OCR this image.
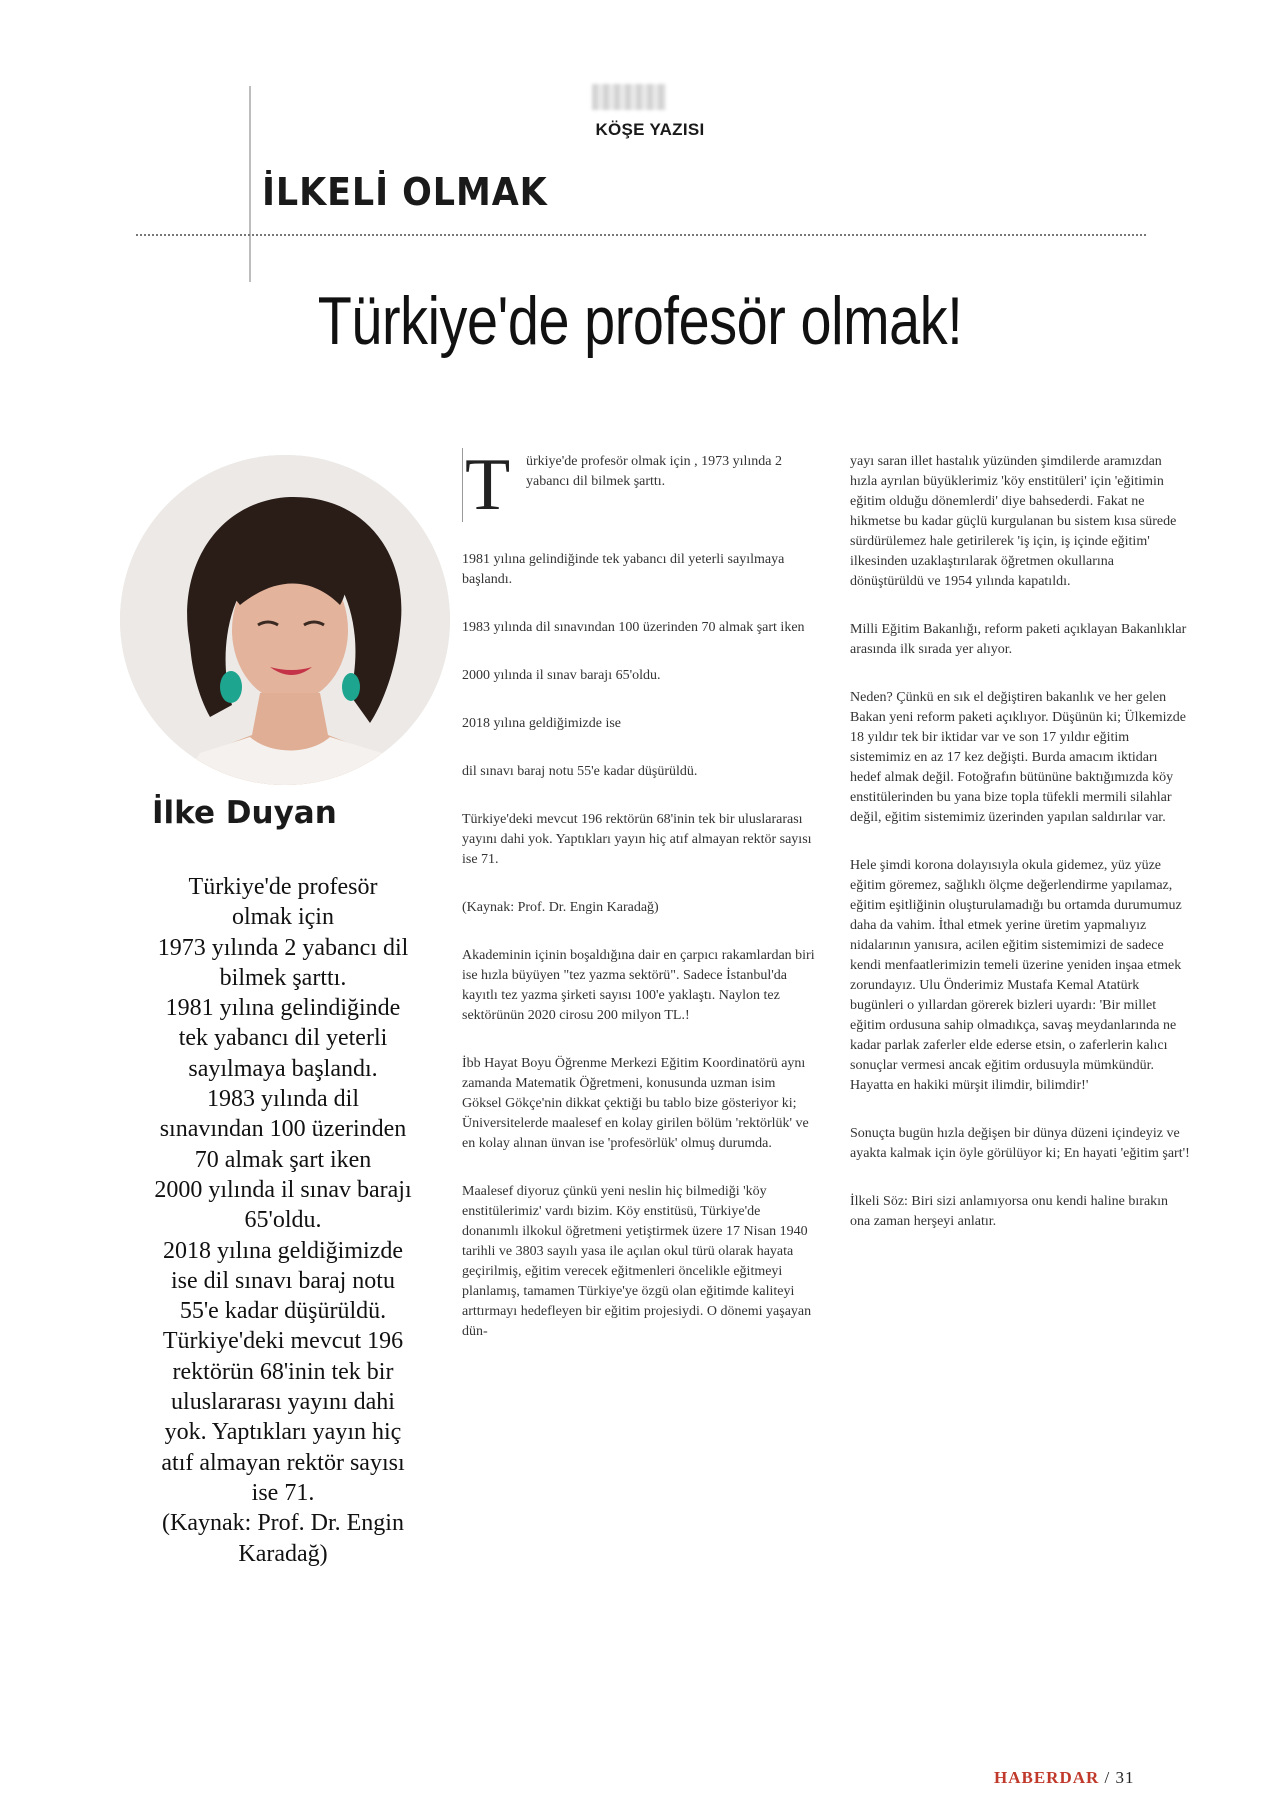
KÖŞE YAZISI
İLKELİ OLMAK
Türkiye'de profesör olmak!
İlke Duyan
Türkiye'de profesör
olmak için
1973 yılında 2 yabancı dil
bilmek şarttı.
1981 yılına gelindiğinde
tek yabancı dil yeterli
sayılmaya başlandı.
1983 yılında dil
sınavından 100 üzerinden
70 almak şart iken
2000 yılında il sınav barajı
65'oldu.
2018 yılına geldiğimizde
ise dil sınavı baraj notu
55'e kadar düşürüldü.
Türkiye'deki mevcut 196
rektörün 68'inin tek bir
uluslararası yayını dahi
yok. Yaptıkları yayın hiç
atıf almayan rektör sayısı
ise 71.
(Kaynak: Prof. Dr. Engin
Karadağ)
T ürkiye'de profesör olmak için , 1973 yılında 2 yabancı dil bilmek şarttı.

1981 yılına gelindiğinde tek yabancı dil yeterli sayılmaya başlandı.

1983 yılında dil sınavından 100 üzerinden 70 almak şart iken

2000 yılında il sınav barajı 65'oldu.

2018 yılına geldiğimizde ise

dil sınavı baraj notu 55'e kadar düşürüldü.

Türkiye'deki mevcut 196 rektörün 68'inin tek bir uluslararası yayını dahi yok. Yaptıkları yayın hiç atıf almayan rektör sayısı ise 71.

(Kaynak: Prof. Dr. Engin Karadağ)

Akademinin içinin boşaldığına dair en çarpıcı rakamlardan biri ise hızla büyüyen "tez yazma sektörü". Sadece İstanbul'da kayıtlı tez yazma şirketi sayısı 100'e yaklaştı. Naylon tez sektörünün 2020 cirosu 200 milyon TL.!

İbb Hayat Boyu Öğrenme Merkezi Eğitim Koordinatörü aynı zamanda Matematik Öğretmeni, konusunda uzman isim Göksel Gökçe'nin dikkat çektiği bu tablo bize gösteriyor ki; Üniversitelerde maalesef en kolay girilen bölüm 'rektörlük' ve en kolay alınan ünvan ise 'profesörlük' olmuş durumda.

Maalesef diyoruz çünkü yeni neslin hiç bilmediği 'köy enstitülerimiz' vardı bizim. Köy enstitüsü, Türkiye'de donanımlı ilkokul öğretmeni yetiştirmek üzere 17 Nisan 1940 tarihli ve 3803 sayılı yasa ile açılan okul türü olarak hayata geçirilmiş, eğitim verecek eğitmenleri öncelikle eğitmeyi planlamış, tamamen Türkiye'ye özgü olan eğitimde kaliteyi arttırmayı hedefleyen bir eğitim projesiydi. O dönemi yaşayan dün-

yayı saran illet hastalık yüzünden şimdilerde aramızdan hızla ayrılan büyüklerimiz 'köy enstitüleri' için 'eğitimin eğitim olduğu dönemlerdi' diye bahsederdi. Fakat ne hikmetse bu kadar güçlü kurgulanan bu sistem kısa sürede sürdürülemez hale getirilerek 'iş için, iş içinde eğitim' ilkesinden uzaklaştırılarak öğretmen okullarına dönüştürüldü ve 1954 yılında kapatıldı.

Milli Eğitim Bakanlığı, reform paketi açıklayan Bakanlıklar arasında ilk sırada yer alıyor.

Neden? Çünkü en sık el değiştiren bakanlık ve her gelen Bakan yeni reform paketi açıklıyor. Düşünün ki; Ülkemizde 18 yıldır tek bir iktidar var ve son 17 yıldır eğitim sistemimiz en az 17 kez değişti. Burda amacım iktidarı hedef almak değil. Fotoğrafın bütününe baktığımızda köy enstitülerinden bu yana bize topla tüfekli mermili silahlar değil, eğitim sistemimiz üzerinden yapılan saldırılar var.

Hele şimdi korona dolayısıyla okula gidemez, yüz yüze eğitim göremez, sağlıklı ölçme değerlendirme yapılamaz, eğitim eşitliğinin oluşturulamadığı bu ortamda durumumuz daha da vahim. İthal etmek yerine üretim yapmalıyız nidalarının yanısıra, acilen eğitim sistemimizi de sadece kendi menfaatlerimizin temeli üzerine yeniden inşaa etmek zorundayız. Ulu Önderimiz Mustafa Kemal Atatürk bugünleri o yıllardan görerek bizleri uyardı: 'Bir millet eğitim ordusuna sahip olmadıkça, savaş meydanlarında ne kadar parlak zaferler elde ederse etsin, o zaferlerin kalıcı sonuçlar vermesi ancak eğitim ordusuyla mümkündür. Hayatta en hakiki mürşit ilimdir, bilimdir!'

Sonuçta bugün hızla değişen bir dünya düzeni içindeyiz ve ayakta kalmak için öyle görülüyor ki; En hayati 'eğitim şart'!

İlkeli Söz: Biri sizi anlamıyorsa onu kendi haline bırakın ona zaman herşeyi anlatır.

HABERDAR / 31
